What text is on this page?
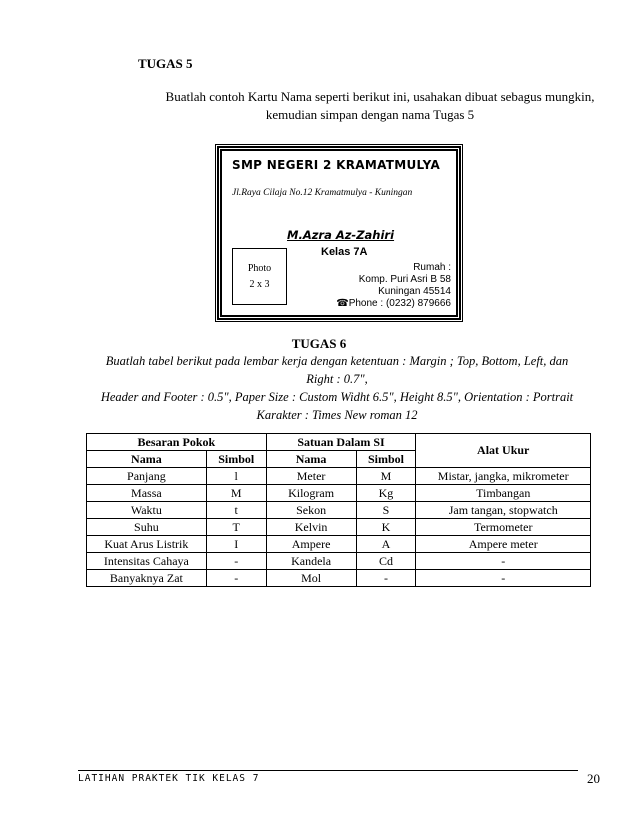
TUGAS 5
Buatlah contoh Kartu Nama seperti berikut ini, usahakan dibuat sebagus mungkin,
kemudian simpan dengan nama Tugas 5
SMP NEGERI 2 KRAMATMULYA
Jl.Raya Cilaja No.12 Kramatmulya - Kuningan
M.Azra Az-Zahiri
Kelas 7A
Photo
2 x 3
Rumah :
Komp. Puri Asri B 58
Kuningan 45514
☎Phone : (0232) 879666
TUGAS 6
Buatlah tabel berikut pada lembar kerja dengan ketentuan : Margin ; Top, Bottom, Left, dan
Right : 0.7",
Header and Footer : 0.5", Paper Size : Custom Widht 6.5", Height 8.5", Orientation : Portrait
Karakter : Times New roman 12
Besaran Pokok		Satuan Dalam SI		Alat Ukur
Nama	Simbol	Nama	Simbol	
Panjang	l	Meter	M	Mistar, jangka, mikrometer
Massa	M	Kilogram	Kg	Timbangan
Waktu	t	Sekon	S	Jam tangan, stopwatch
Suhu	T	Kelvin	K	Termometer
Kuat Arus Listrik	I	Ampere	A	Ampere meter
Intensitas Cahaya	-	Kandela	Cd	-
Banyaknya Zat	-	Mol	-	-
LATIHAN PRAKTEK TIK KELAS 7	20
